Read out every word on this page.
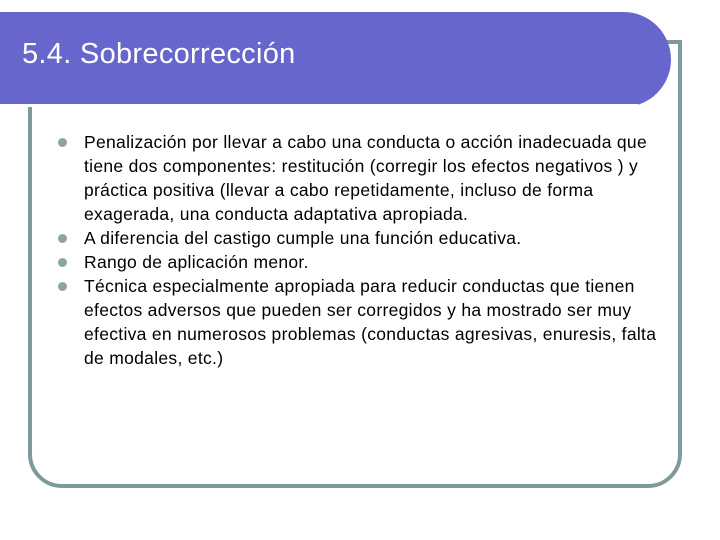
5.4. Sobrecorrección
Penalización por llevar a cabo una conducta o acción inadecuada que tiene dos componentes: restitución (corregir los efectos negativos ) y práctica positiva (llevar a cabo repetidamente, incluso de forma exagerada, una conducta adaptativa apropiada.
A diferencia del castigo cumple una función educativa.
Rango de aplicación menor.
Técnica especialmente apropiada para reducir conductas que tienen efectos adversos que pueden ser corregidos y ha mostrado ser muy efectiva en numerosos problemas (conductas agresivas, enuresis, falta de modales, etc.)
